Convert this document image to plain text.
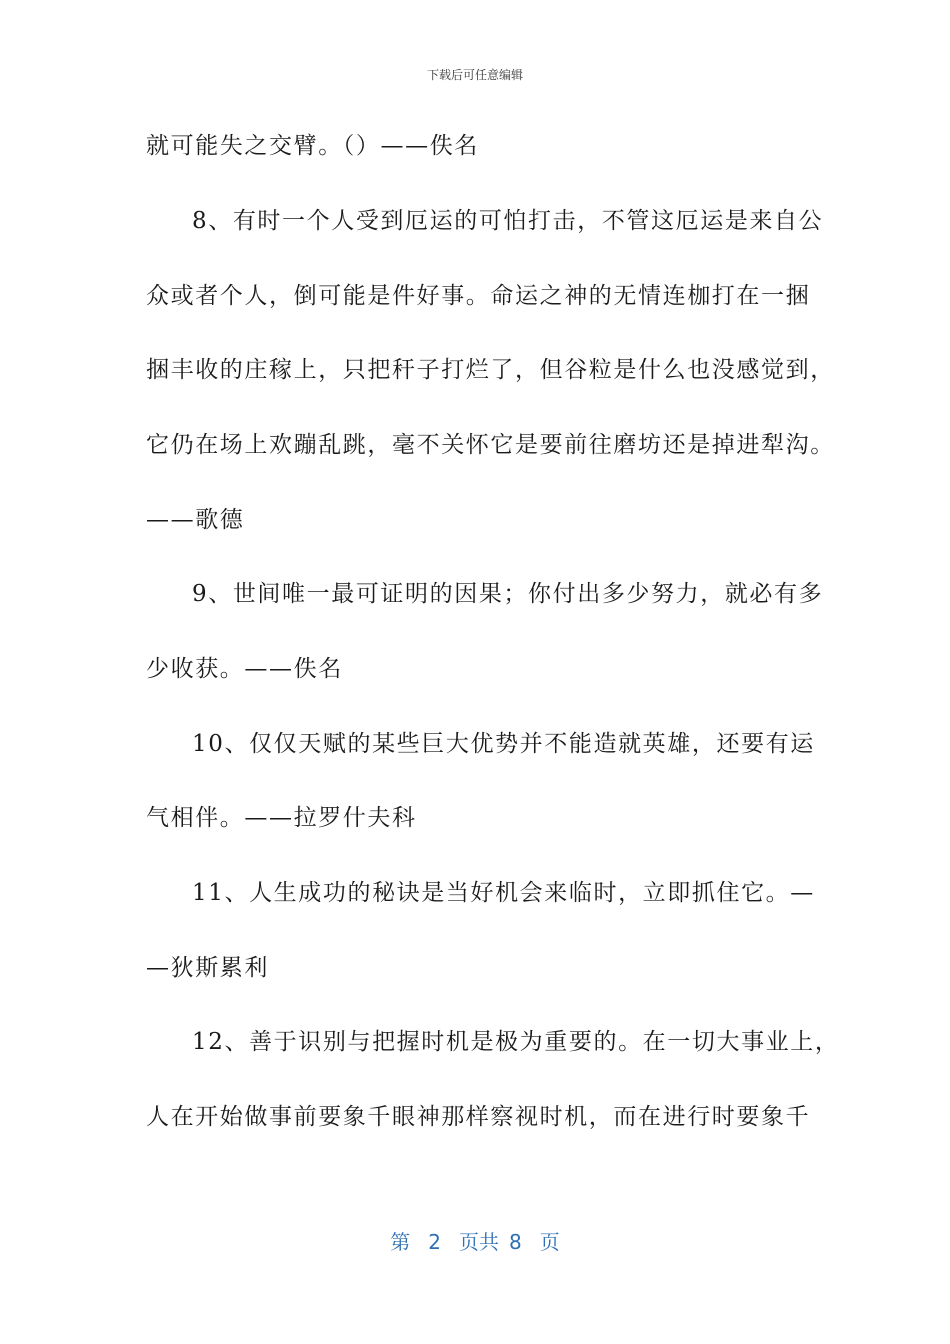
下载后可任意编辑
就可能失之交臂。（）——佚名
8、有时一个人受到厄运的可怕打击，不管这厄运是来自公
众或者个人，倒可能是件好事。命运之神的无情连枷打在一捆
捆丰收的庄稼上，只把秆子打烂了，但谷粒是什么也没感觉到，
它仍在场上欢蹦乱跳，毫不关怀它是要前往磨坊还是掉进犁沟。
——歌德
9、世间唯一最可证明的因果；你付出多少努力，就必有多
少收获。——佚名
10、仅仅天赋的某些巨大优势并不能造就英雄，还要有运
气相伴。——拉罗什夫科
11、人生成功的秘诀是当好机会来临时，立即抓住它。—
—狄斯累利
12、善于识别与把握时机是极为重要的。在一切大事业上，
人在开始做事前要象千眼神那样察视时机，而在进行时要象千
第 2 页共 8 页
